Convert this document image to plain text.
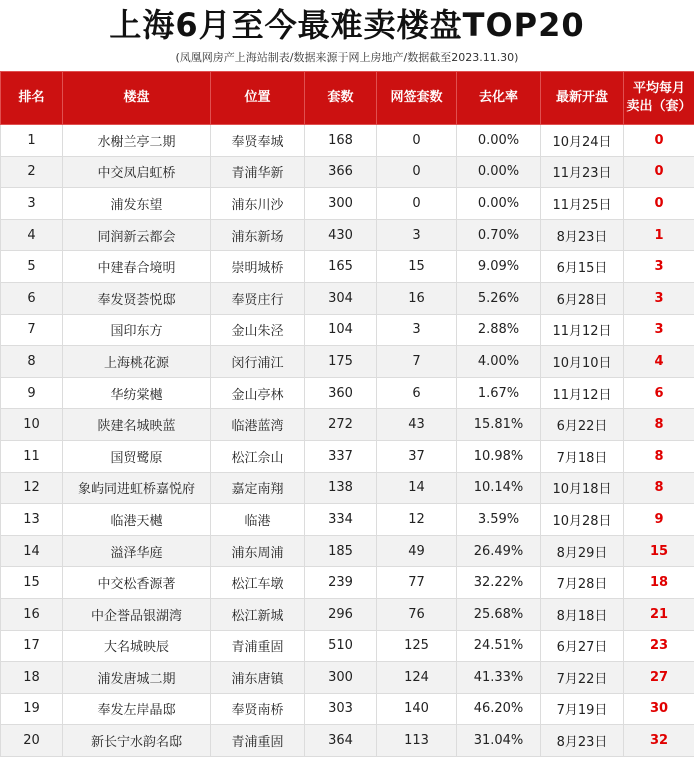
上海6月至今最难卖楼盘TOP20
(凤凰网房产上海站制表/数据来源于网上房地产/数据截至2023.11.30)
排名	楼盘	位置	套数	网签套数	去化率	最新开盘	平均每月
卖出（套）
1	水榭兰亭二期	奉贤奉城	168	0	0.00%	10月24日	0
2	中交凤启虹桥	青浦华新	366	0	0.00%	11月23日	0
3	浦发东望	浦东川沙	300	0	0.00%	11月25日	0
4	同润新云都会	浦东新场	430	3	0.70%	8月23日	1
5	中建春合境明	崇明城桥	165	15	9.09%	6月15日	3
6	奉发贤荟悦邸	奉贤庄行	304	16	5.26%	6月28日	3
7	国印东方	金山朱泾	104	3	2.88%	11月12日	3
8	上海桃花源	闵行浦江	175	7	4.00%	10月10日	4
9	华纺棠樾	金山亭林	360	6	1.67%	11月12日	6
10	陕建名城映蓝	临港蓝湾	272	43	15.81%	6月22日	8
11	国贸鹭原	松江佘山	337	37	10.98%	7月18日	8
12	象屿同进虹桥嘉悦府	嘉定南翔	138	14	10.14%	10月18日	8
13	临港天樾	临港	334	12	3.59%	10月28日	9
14	溢泽华庭	浦东周浦	185	49	26.49%	8月29日	15
15	中交松香源著	松江车墩	239	77	32.22%	7月28日	18
16	中企誉品银湖湾	松江新城	296	76	25.68%	8月18日	21
17	大名城映辰	青浦重固	510	125	24.51%	6月27日	23
18	浦发唐城二期	浦东唐镇	300	124	41.33%	7月22日	27
19	奉发左岸晶邸	奉贤南桥	303	140	46.20%	7月19日	30
20	新长宁水韵名邸	青浦重固	364	113	31.04%	8月23日	32
